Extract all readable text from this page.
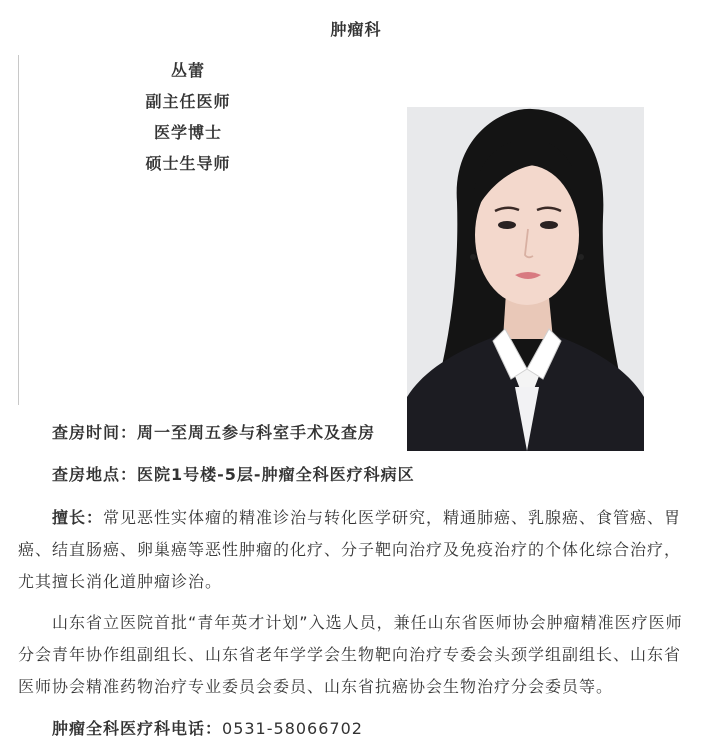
肿瘤科
丛蕾
副主任医师
医学博士
硕士生导师
查房时间：周一至周五参与科室手术及查房
查房地点：医院1号楼-5层-肿瘤全科医疗科病区
擅长：常见恶性实体瘤的精准诊治与转化医学研究，精通肺癌、乳腺癌、食管癌、胃癌、结直肠癌、卵巢癌等恶性肿瘤的化疗、分子靶向治疗及免疫治疗的个体化综合治疗，尤其擅长消化道肿瘤诊治。
山东省立医院首批“青年英才计划”入选人员，兼任山东省医师协会肿瘤精准医疗医师分会青年协作组副组长、山东省老年学学会生物靶向治疗专委会头颈学组副组长、山东省医师协会精准药物治疗专业委员会委员、山东省抗癌协会生物治疗分会委员等。
肿瘤全科医疗科电话：0531-58066702
